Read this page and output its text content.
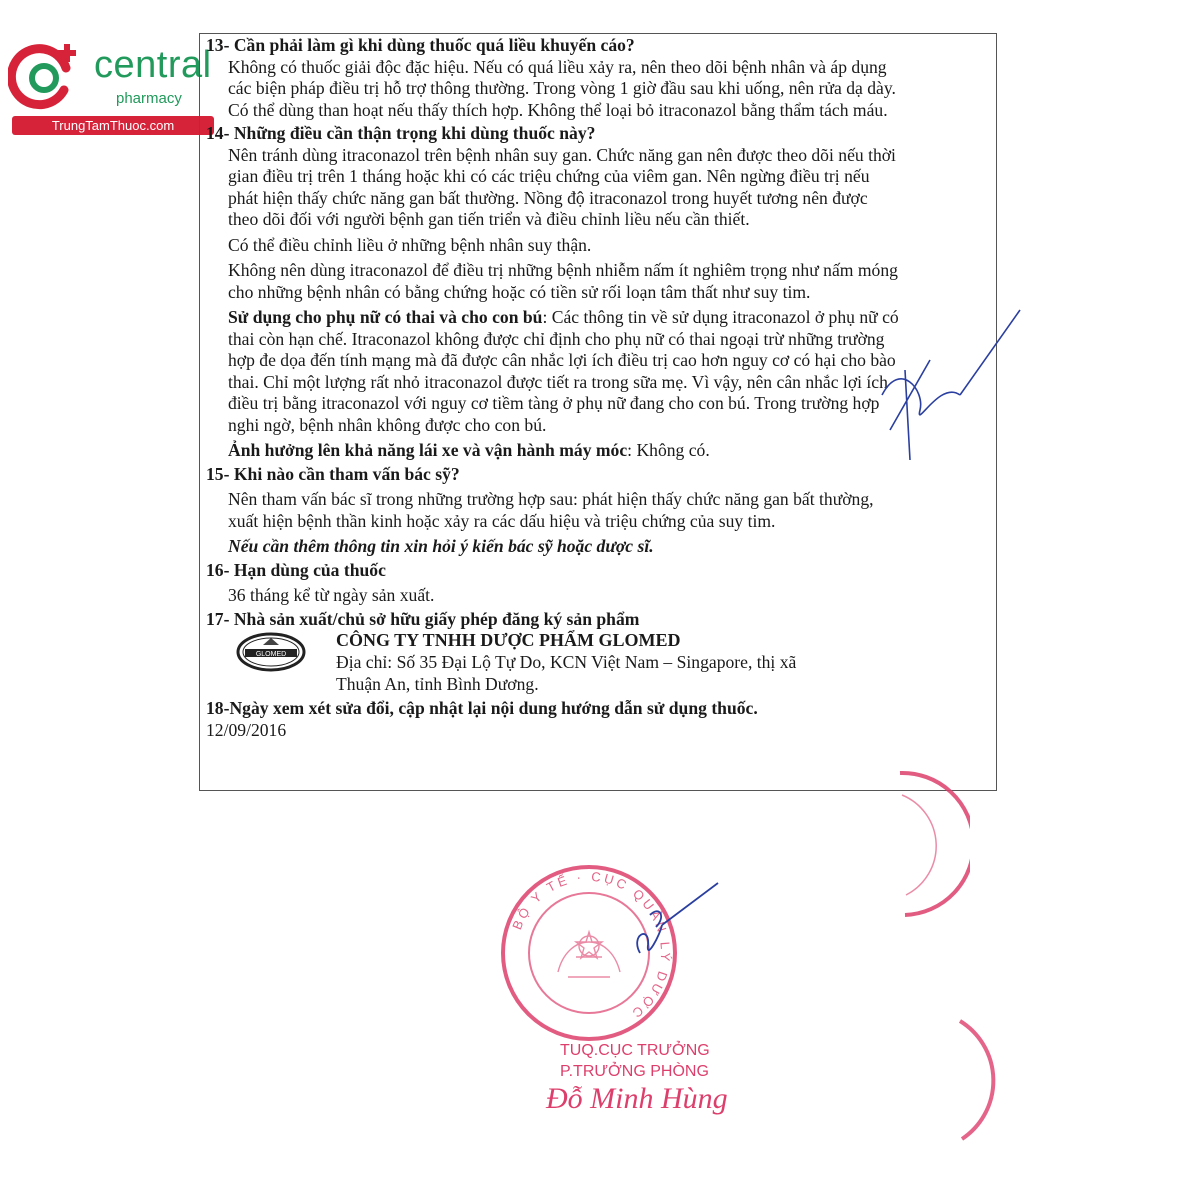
central
pharmacy
TrungTamThuoc.com

13- Cần phải làm gì khi dùng thuốc quá liều khuyến cáo?

Không có thuốc giải độc đặc hiệu. Nếu có quá liều xảy ra, nên theo dõi bệnh nhân và áp dụng

các biện pháp điều trị hỗ trợ thông thường. Trong vòng 1 giờ đầu sau khi uống, nên rửa dạ dày.

Có thể dùng than hoạt nếu thấy thích hợp. Không thể loại bỏ itraconazol bằng thẩm tách máu.

14- Những điều cần thận trọng khi dùng thuốc này?

Nên tránh dùng itraconazol trên bệnh nhân suy gan. Chức năng gan nên được theo dõi nếu thời

gian điều trị trên 1 tháng hoặc khi có các triệu chứng của viêm gan. Nên ngừng điều trị nếu

phát hiện thấy chức năng gan bất thường. Nồng độ itraconazol trong huyết tương nên được

theo dõi đối với người bệnh gan tiến triển và điều chỉnh liều nếu cần thiết.

Có thể điều chỉnh liều ở những bệnh nhân suy thận.

Không nên dùng itraconazol để điều trị những bệnh nhiễm nấm ít nghiêm trọng như nấm móng

cho những bệnh nhân có bằng chứng hoặc có tiền sử rối loạn tâm thất như suy tim.

Sử dụng cho phụ nữ có thai và cho con bú: Các thông tin về sử dụng itraconazol ở phụ nữ có

thai còn hạn chế. Itraconazol không được chỉ định cho phụ nữ có thai ngoại trừ những trường

hợp đe dọa đến tính mạng mà đã được cân nhắc lợi ích điều trị cao hơn nguy cơ có hại cho bào

thai. Chỉ một lượng rất nhỏ itraconazol được tiết ra trong sữa mẹ. Vì vậy, nên cân nhắc lợi ích

điều trị bằng itraconazol với nguy cơ tiềm tàng ở phụ nữ đang cho con bú. Trong trường hợp

nghi ngờ, bệnh nhân không được cho con bú.

Ảnh hưởng lên khả năng lái xe và vận hành máy móc: Không có.

15- Khi nào cần tham vấn bác sỹ?

Nên tham vấn bác sĩ trong những trường hợp sau: phát hiện thấy chức năng gan bất thường,

xuất hiện bệnh thần kinh hoặc xảy ra các dấu hiệu và triệu chứng của suy tim.

Nếu cần thêm thông tin xin hỏi ý kiến bác sỹ hoặc dược sĩ.

16- Hạn dùng của thuốc

36 tháng kể từ ngày sản xuất.

17- Nhà sản xuất/chủ sở hữu giấy phép đăng ký sản phẩm

GLOMED
CÔNG TY TNHH DƯỢC PHẨM GLOMED
Địa chỉ: Số 35 Đại Lộ Tự Do, KCN Việt Nam – Singapore, thị xã
Thuận An, tỉnh Bình Dương.

18-Ngày xem xét sửa đổi, cập nhật lại nội dung hướng dẫn sử dụng thuốc.

12/09/2016

BỘ Y TẾ · CỤC QUẢN LÝ DƯỢC
TUQ.CỤC TRƯỞNG
P.TRƯỞNG PHÒNG
Đỗ Minh Hùng
